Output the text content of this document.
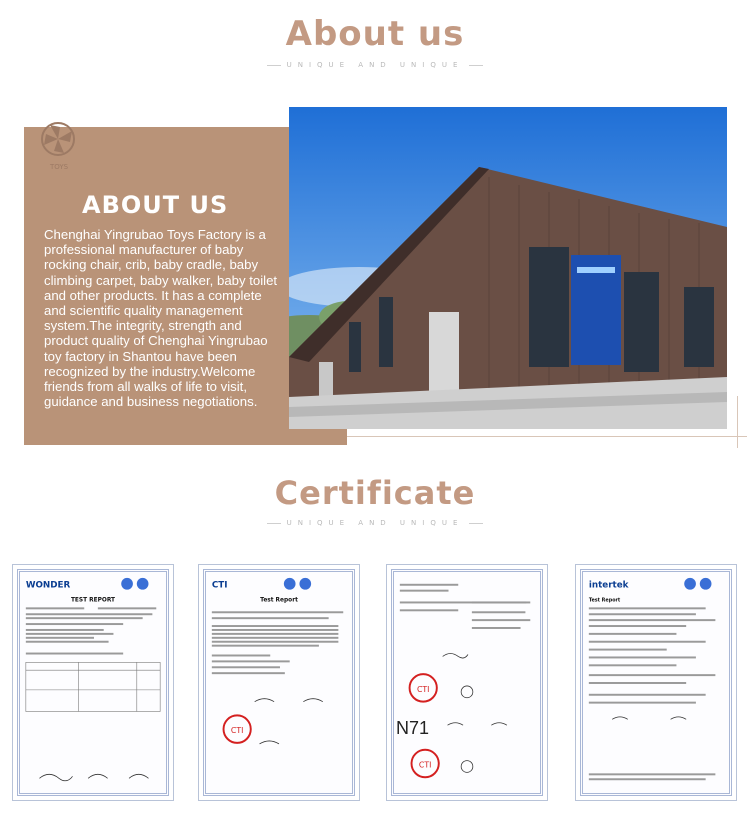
About us
UNIQUE AND UNIQUE
TOYS
ABOUT US
Chenghai Yingrubao Toys Factory is a professional manufacturer of baby rocking chair, crib, baby cradle, baby climbing carpet, baby walker, baby toilet and other products. It has a complete and scientific quality management system.The integrity, strength and product quality of Chenghai Yingrubao toy factory in Shantou have been recognized by the industry.Welcome friends from all walks of life to visit, guidance and business negotiations.
Certificate
UNIQUE AND UNIQUE
WONDER
TEST REPORT
CTI
Test Report
CTI
CTI
CTI
N71
intertek
Test Report
